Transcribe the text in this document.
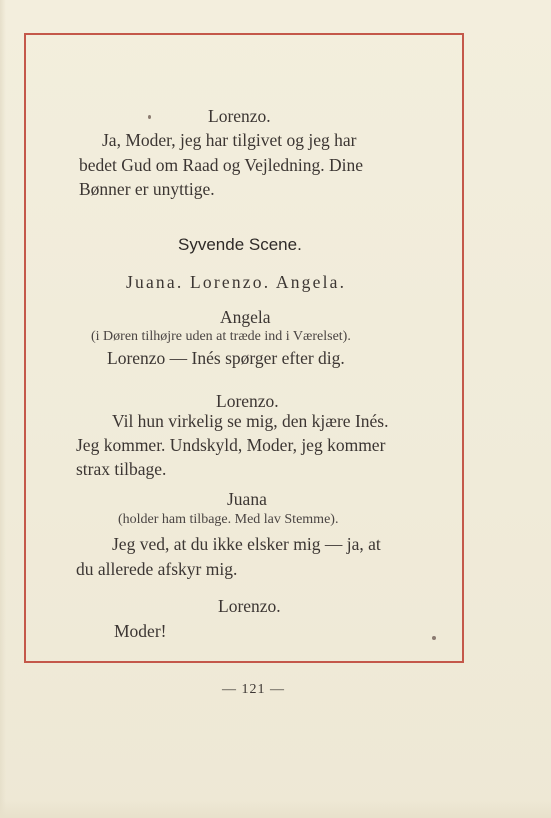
Lorenzo.
Ja, Moder, jeg har tilgivet og jeg har
bedet Gud om Raad og Vejledning. Dine
Bønner er unyttige.
Syvende Scene.
Juana. Lorenzo. Angela.
Angela
(i Døren tilhøjre uden at træde ind i Værelset).
Lorenzo — Inés spørger efter dig.
Lorenzo.
Vil hun virkelig se mig, den kjære Inés.
Jeg kommer. Undskyld, Moder, jeg kommer
strax tilbage.
Juana
(holder ham tilbage. Med lav Stemme).
Jeg ved, at du ikke elsker mig — ja, at
du allerede afskyr mig.
Lorenzo.
Moder!
— 121 —
